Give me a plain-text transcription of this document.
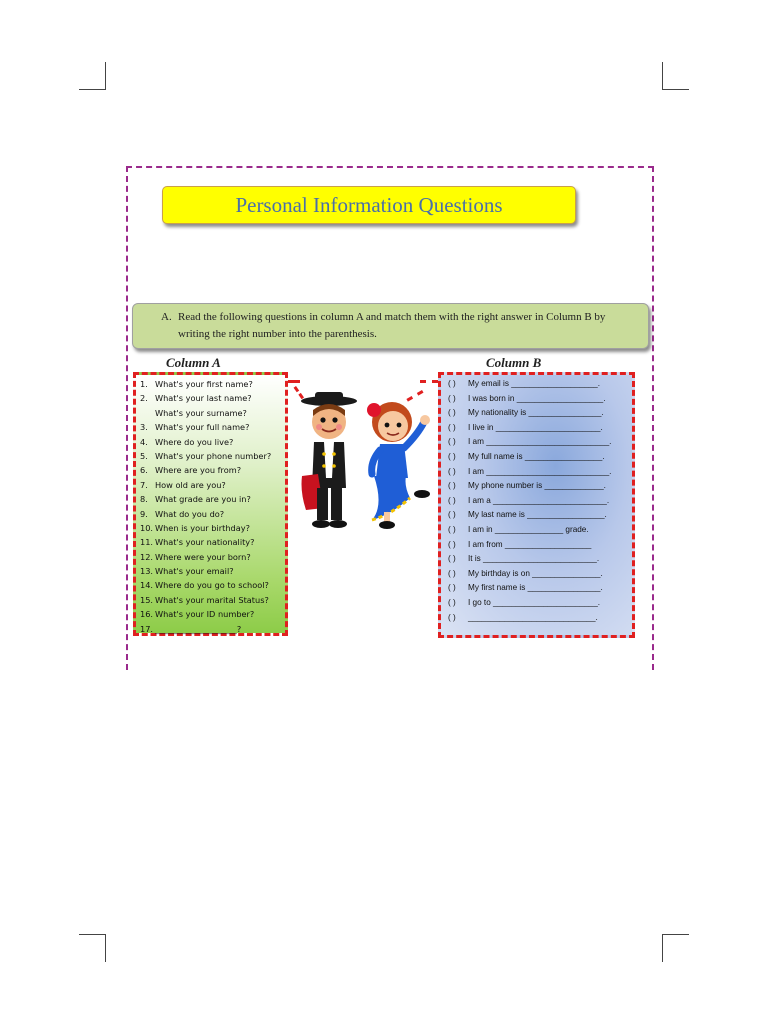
Personal Information Questions
A. Read the following questions in column A and match them with the right answer in Column B by
writing the right number into the parenthesis.
Column A	Column B
1. What's your first name?
2. What's your last name?
What's your surname?
3. What's your full name?
4. Where do you live?
5. What's your phone number?
6. Where are you from?
7. How old are you?
8. What grade are you in?
9. What do you do?
10. When is your birthday?
11. What's your nationality?
12. Where were your born?
13. What's your email?
14. Where do you go to school?
15. What's your marital Status?
16. What's your ID number?
17. ____________________?
( ) My email is ___________________.
( ) I was born in ___________________.
( ) My nationality is ________________.
( ) I live in _______________________.
( ) I am ___________________________.
( ) My full name is _________________.
( ) I am ___________________________.
( ) My phone number is _____________.
( ) I am a _________________________.
( ) My last name is _________________.
( ) I am in _______________ grade.
( ) I am from ___________________
( ) It is _________________________.
( ) My birthday is on _______________.
( ) My first name is ________________.
( ) I go to _______________________.
( ) ____________________________.
